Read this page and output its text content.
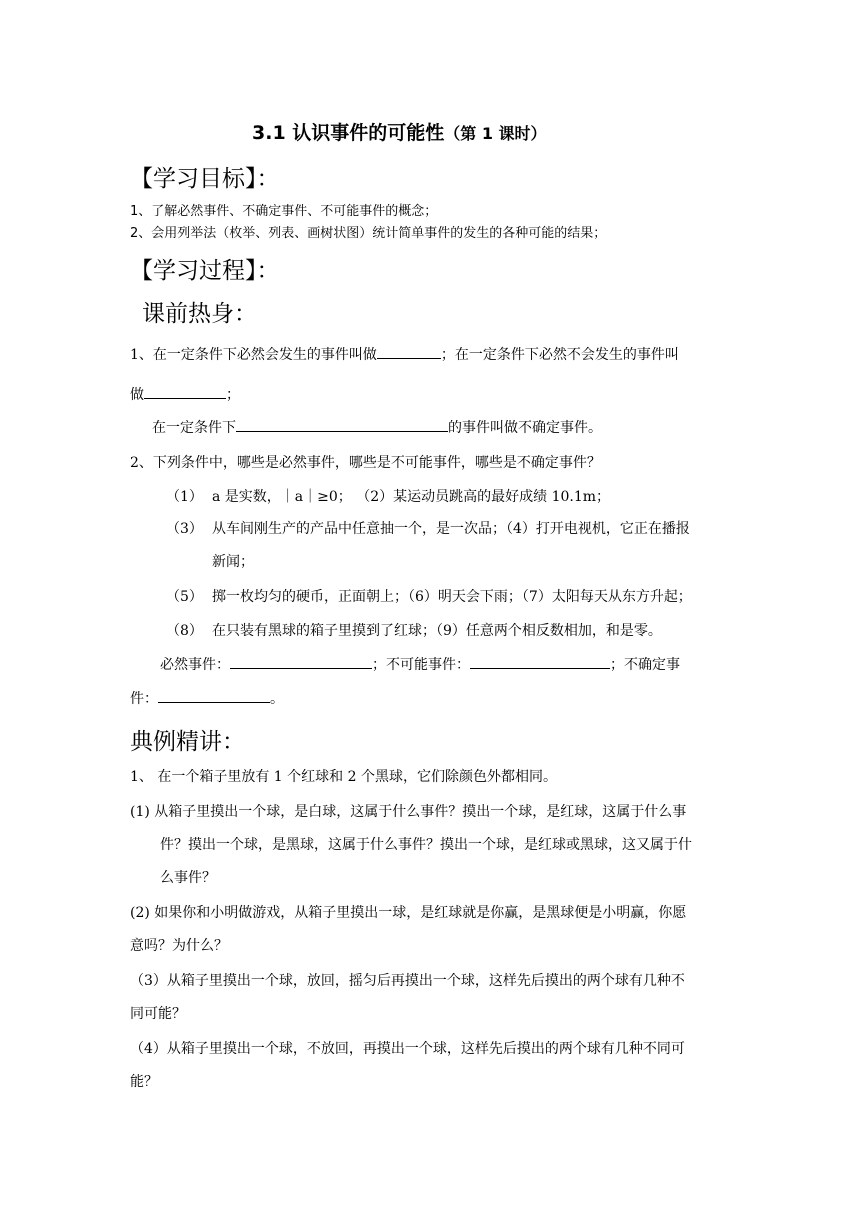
3.1 认识事件的可能性（第 1 课时）
【学习目标】：
1、了解必然事件、不确定事件、不可能事件的概念；
2、会用列举法（枚举、列表、画树状图）统计简单事件的发生的各种可能的结果；
【学习过程】：
课前热身：
1、在一定条件下必然会发生的事件叫做	；在一定条件下必然不会发生的事件叫
做	；
在一定条件下	的事件叫做不确定事件。
2、下列条件中，哪些是必然事件，哪些是不可能事件，哪些是不确定事件？
（1） a 是实数，｜a｜≥0； （2）某运动员跳高的最好成绩 10.1m；
（3） 从车间刚生产的产品中任意抽一个，是一次品；（4）打开电视机，它正在播报
新闻；
（5） 掷一枚均匀的硬币，正面朝上；（6）明天会下雨；（7）太阳每天从东方升起；
（8） 在只装有黑球的箱子里摸到了红球；（9）任意两个相反数相加，和是零。
必然事件：	；不可能事件：	；不确定事
件：	。
典例精讲：
1、 在一个箱子里放有 1 个红球和 2 个黑球，它们除颜色外都相同。
(1) 从箱子里摸出一个球，是白球，这属于什么事件？摸出一个球，是红球，这属于什么事
件？摸出一个球，是黑球，这属于什么事件？摸出一个球，是红球或黑球，这又属于什
么事件？
(2) 如果你和小明做游戏，从箱子里摸出一球，是红球就是你赢，是黑球便是小明赢，你愿
意吗？为什么？
（3）从箱子里摸出一个球，放回，摇匀后再摸出一个球，这样先后摸出的两个球有几种不
同可能？
（4）从箱子里摸出一个球，不放回，再摸出一个球，这样先后摸出的两个球有几种不同可
能？
